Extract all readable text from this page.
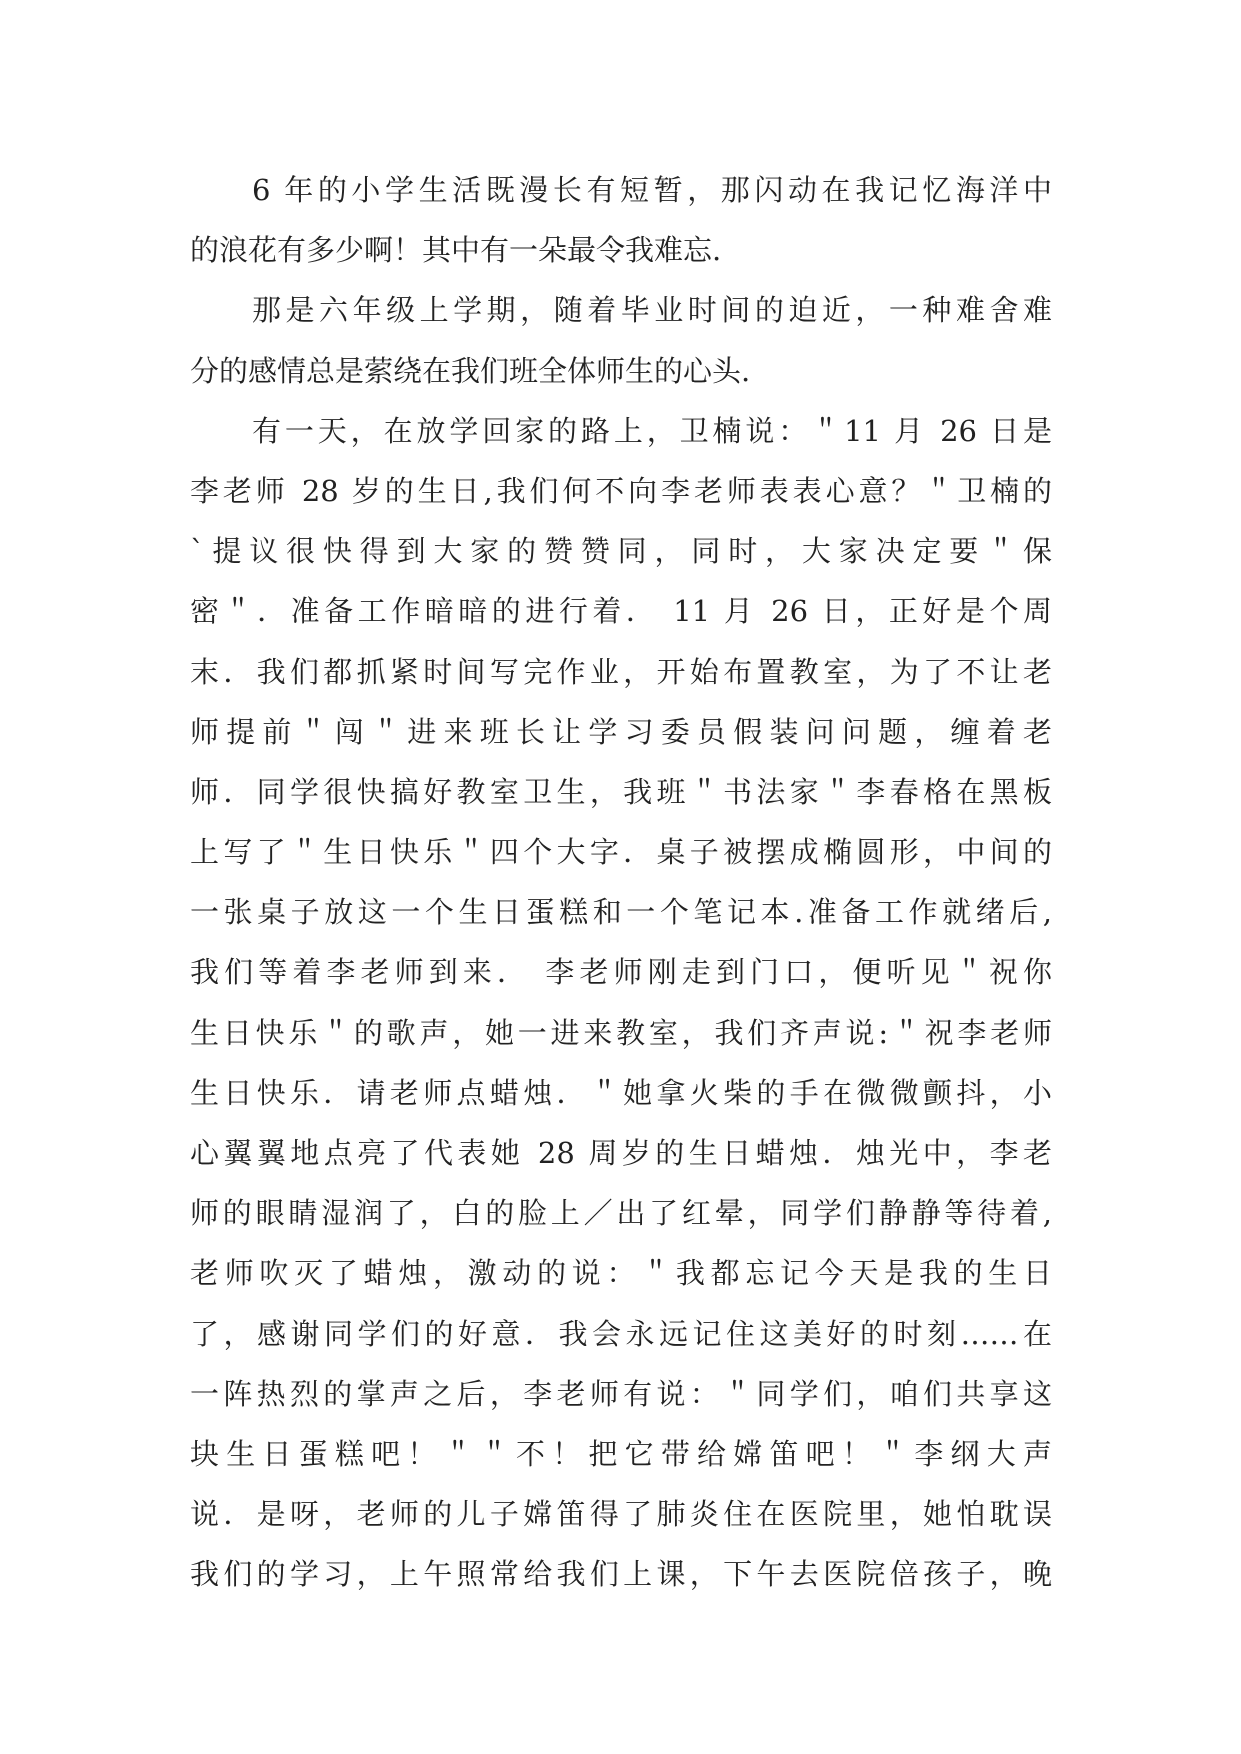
6 年的小学生活既漫长有短暂，那闪动在我记忆海洋中
的浪花有多少啊！其中有一朵最令我难忘.
那是六年级上学期，随着毕业时间的迫近，一种难舍难
分的感情总是萦绕在我们班全体师生的心头.
有一天，在放学回家的路上，卫楠说：＂11 月 26 日是
李老师 28 岁的生日,我们何不向李老师表表心意？＂卫楠的
`提议很快得到大家的赞赞同，同时，大家决定要＂保
密＂．准备工作暗暗的进行着． 11 月 26 日，正好是个周
末．我们都抓紧时间写完作业，开始布置教室，为了不让老
师提前＂闯＂进来班长让学习委员假装问问题，缠着老
师．同学很快搞好教室卫生，我班＂书法家＂李春格在黑板
上写了＂生日快乐＂四个大字．桌子被摆成椭圆形，中间的
一张桌子放这一个生日蛋糕和一个笔记本.准备工作就绪后,
我们等着李老师到来． 李老师刚走到门口，便听见＂祝你
生日快乐＂的歌声，她一进来教室，我们齐声说:＂祝李老师
生日快乐．请老师点蜡烛．＂她拿火柴的手在微微颤抖，小
心翼翼地点亮了代表她 28 周岁的生日蜡烛．烛光中，李老
师的眼睛湿润了，白的脸上／出了红晕，同学们静静等待着,
老师吹灭了蜡烛，激动的说：＂我都忘记今天是我的生日
了，感谢同学们的好意．我会永远记住这美好的时刻……在
一阵热烈的掌声之后，李老师有说：＂同学们，咱们共享这
块生日蛋糕吧！＂＂不！把它带给嫦笛吧！＂李纲大声
说．是呀，老师的儿子嫦笛得了肺炎住在医院里，她怕耽误
我们的学习，上午照常给我们上课，下午去医院倍孩子，晚
